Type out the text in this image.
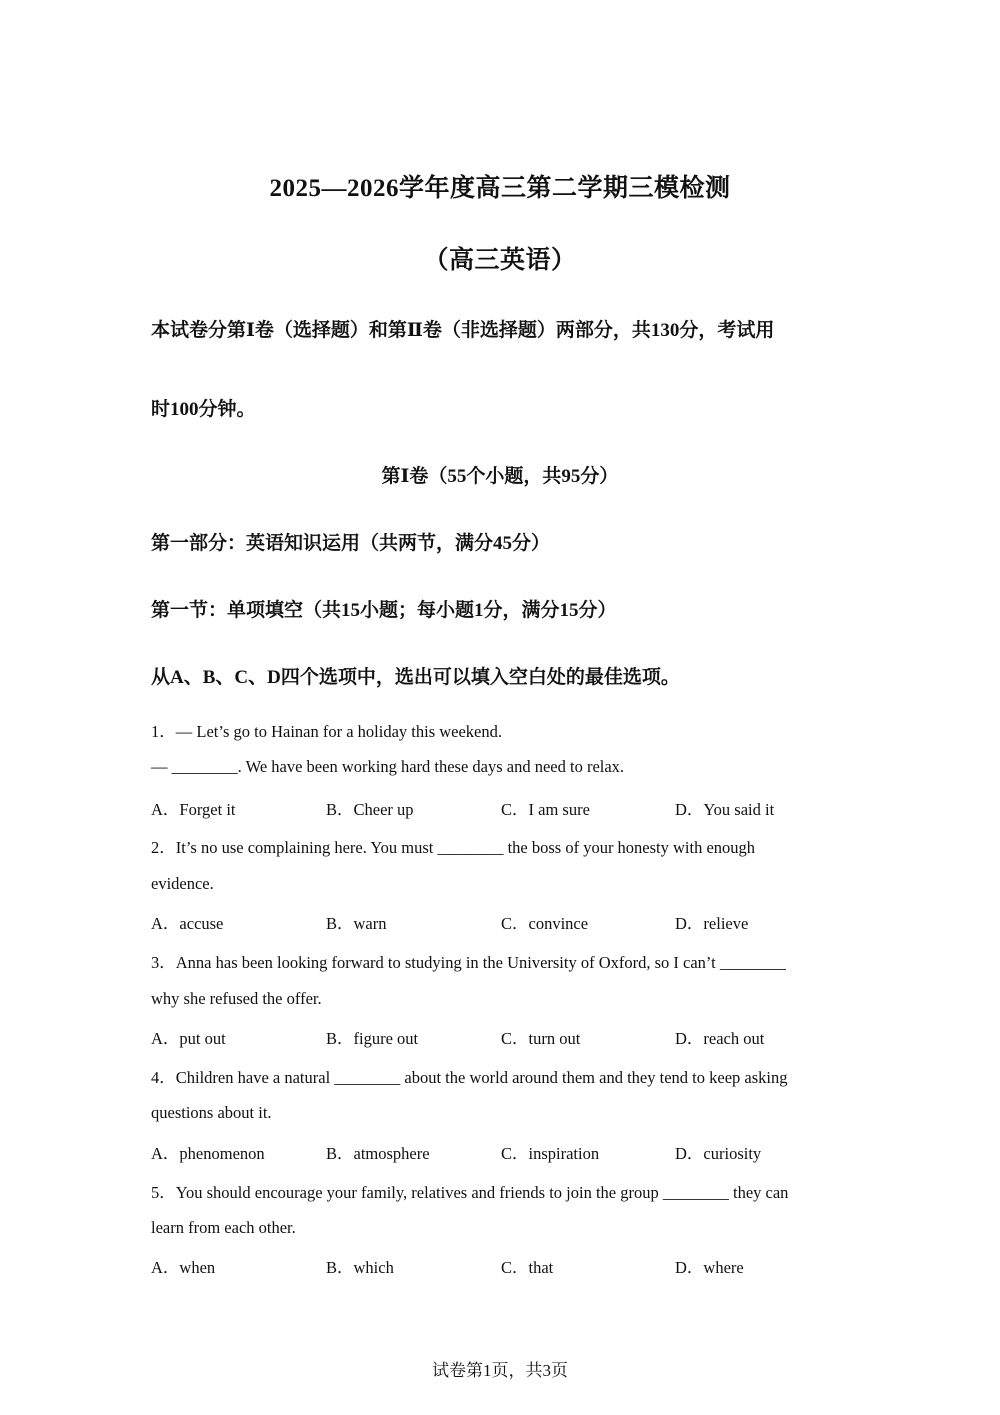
2025—2026学年度高三第二学期三模检测
（高三英语）
本试卷分第Ⅰ卷（选择题）和第Ⅱ卷（非选择题）两部分，共130分，考试用
时100分钟。
第Ⅰ卷（55个小题，共95分）
第一部分：英语知识运用（共两节，满分45分）
第一节：单项填空（共15小题；每小题1分，满分15分）
从A、B、C、D四个选项中，选出可以填入空白处的最佳选项。
1．— Let’s go to Hainan for a holiday this weekend.
— ________. We have been working hard these days and need to relax.
A．Forget it	B．Cheer up	C．I am sure	D．You said it
2．It’s no use complaining here. You must ________ the boss of your honesty with enough
evidence.
A．accuse	B．warn	C．convince	D．relieve
3．Anna has been looking forward to studying in the University of Oxford, so I can’t ________
why she refused the offer.
A．put out	B．figure out	C．turn out	D．reach out
4．Children have a natural ________ about the world around them and they tend to keep asking
questions about it.
A．phenomenon	B．atmosphere	C．inspiration	D．curiosity
5．You should encourage your family, relatives and friends to join the group ________ they can
learn from each other.
A．when	B．which	C．that	D．where
试卷第1页，共3页
